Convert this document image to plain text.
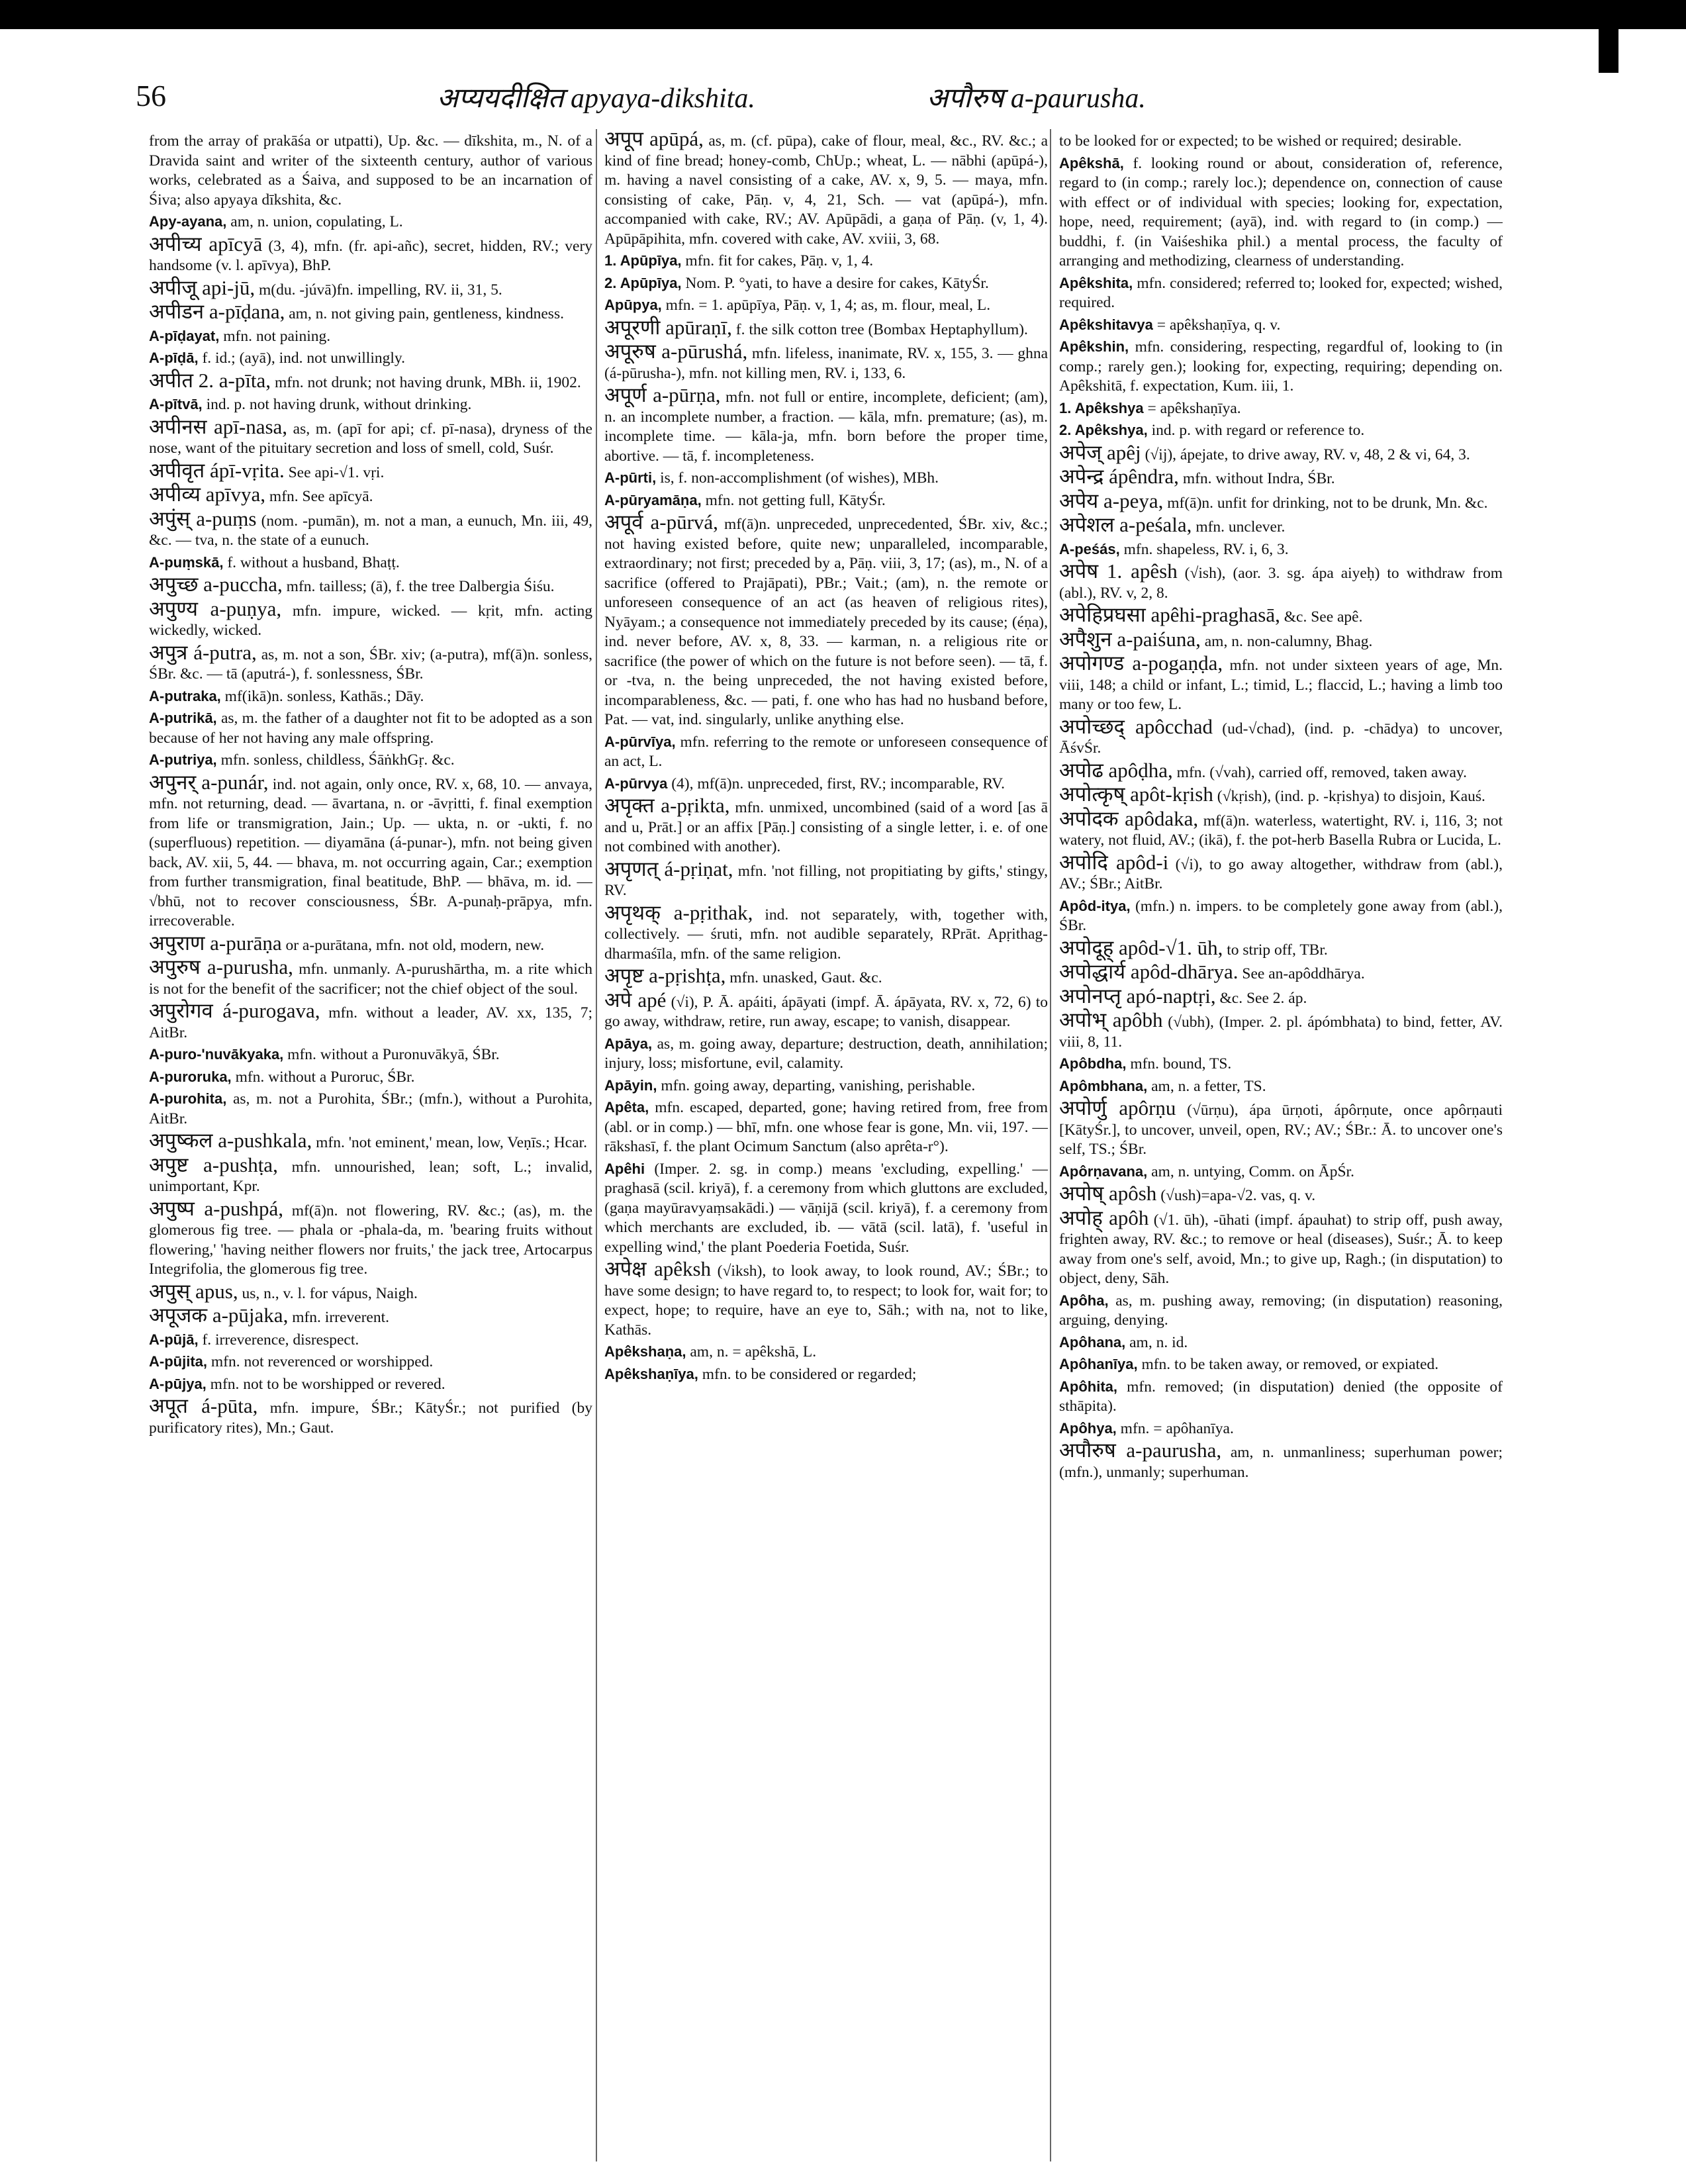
56	अप्ययदीक्षित apyaya-dikshita.	अपौरुष a-paurusha.

from the array of prakāśa or utpatti), Up. &c. — dīkshita, m., N. of a Dravida saint and writer of the sixteenth century, author of various works, celebrated as a Śaiva, and supposed to be an incarnation of Śiva; also apyaya dīkshita, &c.

Apy-ayana, am, n. union, copulating, L.

अपीच्य apīcyā (3, 4), mfn. (fr. api-añc), secret, hidden, RV.; very handsome (v. l. apīvya), BhP.

अपीजू api-jū, m(du. -júvā)fn. impelling, RV. ii, 31, 5.

अपीडन a-pīḍana, am, n. not giving pain, gentleness, kindness.

A-pīḍayat, mfn. not paining.

A-pīḍā, f. id.; (ayā), ind. not unwillingly.

अपीत 2. a-pīta, mfn. not drunk; not having drunk, MBh. ii, 1902.

A-pītvā, ind. p. not having drunk, without drinking.

अपीनस apī-nasa, as, m. (apī for api; cf. pī-nasa), dryness of the nose, want of the pituitary secretion and loss of smell, cold, Suśr.

अपीवृत ápī-vṛita. See api-√1. vṛi.

अपीव्य apīvya, mfn. See apīcyā.

अपुंस् a-puṃs (nom. -pumān), m. not a man, a eunuch, Mn. iii, 49, &c. — tva, n. the state of a eunuch.

A-puṃskā, f. without a husband, Bhaṭṭ.

अपुच्छ a-puccha, mfn. tailless; (ā), f. the tree Dalbergia Śiśu.

अपुण्य a-puṇya, mfn. impure, wicked. — kṛit, mfn. acting wickedly, wicked.

अपुत्र á-putra, as, m. not a son, ŚBr. xiv; (a-putra), mf(ā)n. sonless, ŚBr. &c. — tā (aputrá-), f. sonlessness, ŚBr.

A-putraka, mf(ikā)n. sonless, Kathās.; Dāy.

A-putrikā, as, m. the father of a daughter not fit to be adopted as a son because of her not having any male offspring.

A-putriya, mfn. sonless, childless, ŚāṅkhGṛ. &c.

अपुनर् a-punár, ind. not again, only once, RV. x, 68, 10. — anvaya, mfn. not returning, dead. — āvartana, n. or -āvṛitti, f. final exemption from life or transmigration, Jain.; Up. — ukta, n. or -ukti, f. no (superfluous) repetition. — diyamāna (á-punar-), mfn. not being given back, AV. xii, 5, 44. — bhava, m. not occurring again, Car.; exemption from further transmigration, final beatitude, BhP. — bhāva, m. id. — √bhū, not to recover consciousness, ŚBr. A-punaḥ-prāpya, mfn. irrecoverable.

अपुराण a-purāṇa or a-purātana, mfn. not old, modern, new.

अपुरुष a-purusha, mfn. unmanly. A-purushārtha, m. a rite which is not for the benefit of the sacrificer; not the chief object of the soul.

अपुरोगव á-purogava, mfn. without a leader, AV. xx, 135, 7; AitBr.

A-puro-'nuvākyaka, mfn. without a Puronuvākyā, ŚBr.

A-puroruka, mfn. without a Puroruc, ŚBr.

A-purohita, as, m. not a Purohita, ŚBr.; (mfn.), without a Purohita, AitBr.

अपुष्कल a-pushkala, mfn. 'not eminent,' mean, low, Veṇīs.; Hcar.

अपुष्ट a-pushṭa, mfn. unnourished, lean; soft, L.; invalid, unimportant, Kpr.

अपुष्प a-pushpá, mf(ā)n. not flowering, RV. &c.; (as), m. the glomerous fig tree. — phala or -phala-da, m. 'bearing fruits without flowering,' 'having neither flowers nor fruits,' the jack tree, Artocarpus Integrifolia, the glomerous fig tree.

अपुस् apus, us, n., v. l. for vápus, Naigh.

अपूजक a-pūjaka, mfn. irreverent.

A-pūjā, f. irreverence, disrespect.

A-pūjita, mfn. not reverenced or worshipped.

A-pūjya, mfn. not to be worshipped or revered.

अपूत á-pūta, mfn. impure, ŚBr.; KātyŚr.; not purified (by purificatory rites), Mn.; Gaut.

अपूप apūpá, as, m. (cf. pūpa), cake of flour, meal, &c., RV. &c.; a kind of fine bread; honey-comb, ChUp.; wheat, L. — nābhi (apūpá-), m. having a navel consisting of a cake, AV. x, 9, 5. — maya, mfn. consisting of cake, Pāṇ. v, 4, 21, Sch. — vat (apūpá-), mfn. accompanied with cake, RV.; AV. Apūpādi, a gaṇa of Pāṇ. (v, 1, 4). Apūpāpihita, mfn. covered with cake, AV. xviii, 3, 68.

1. Apūpīya, mfn. fit for cakes, Pāṇ. v, 1, 4.

2. Apūpīya, Nom. P. °yati, to have a desire for cakes, KātyŚr.

Apūpya, mfn. = 1. apūpīya, Pāṇ. v, 1, 4; as, m. flour, meal, L.

अपूरणी apūraṇī, f. the silk cotton tree (Bombax Heptaphyllum).

अपूरुष a-pūrushá, mfn. lifeless, inanimate, RV. x, 155, 3. — ghna (á-pūrusha-), mfn. not killing men, RV. i, 133, 6.

अपूर्ण a-pūrṇa, mfn. not full or entire, incomplete, deficient; (am), n. an incomplete number, a fraction. — kāla, mfn. premature; (as), m. incomplete time. — kāla-ja, mfn. born before the proper time, abortive. — tā, f. incompleteness.

A-pūrti, is, f. non-accomplishment (of wishes), MBh.

A-pūryamāṇa, mfn. not getting full, KātyŚr.

अपूर्व a-pūrvá, mf(ā)n. unpreceded, unprecedented, ŚBr. xiv, &c.; not having existed before, quite new; unparalleled, incomparable, extraordinary; not first; preceded by a, Pāṇ. viii, 3, 17; (as), m., N. of a sacrifice (offered to Prajāpati), PBr.; Vait.; (am), n. the remote or unforeseen consequence of an act (as heaven of religious rites), Nyāyam.; a consequence not immediately preceded by its cause; (éṇa), ind. never before, AV. x, 8, 33. — karman, n. a religious rite or sacrifice (the power of which on the future is not before seen). — tā, f. or -tva, n. the being unpreceded, the not having existed before, incomparableness, &c. — pati, f. one who has had no husband before, Pat. — vat, ind. singularly, unlike anything else.

A-pūrvīya, mfn. referring to the remote or unforeseen consequence of an act, L.

A-pūrvya (4), mf(ā)n. unpreceded, first, RV.; incomparable, RV.

अपृक्त a-pṛikta, mfn. unmixed, uncombined (said of a word [as ā and u, Prāt.] or an affix [Pāṇ.] consisting of a single letter, i. e. of one not combined with another).

अपृणत् á-pṛiṇat, mfn. 'not filling, not propitiating by gifts,' stingy, RV.

अपृथक् a-pṛithak, ind. not separately, with, together with, collectively. — śruti, mfn. not audible separately, RPrāt. Apṛithag-dharmaśīla, mfn. of the same religion.

अपृष्ट a-pṛishṭa, mfn. unasked, Gaut. &c.

अपे apé (√i), P. Ā. apáiti, ápāyati (impf. Ā. ápāyata, RV. x, 72, 6) to go away, withdraw, retire, run away, escape; to vanish, disappear.

Apāya, as, m. going away, departure; destruction, death, annihilation; injury, loss; misfortune, evil, calamity.

Apāyin, mfn. going away, departing, vanishing, perishable.

Apêta, mfn. escaped, departed, gone; having retired from, free from (abl. or in comp.) — bhī, mfn. one whose fear is gone, Mn. vii, 197. — rākshasī, f. the plant Ocimum Sanctum (also aprêta-r°).

Apêhi (Imper. 2. sg. in comp.) means 'excluding, expelling.' — praghasā (scil. kriyā), f. a ceremony from which gluttons are excluded, (gaṇa mayūravyaṃsakādi.) — vāṇijā (scil. kriyā), f. a ceremony from which merchants are excluded, ib. — vātā (scil. latā), f. 'useful in expelling wind,' the plant Poederia Foetida, Suśr.

अपेक्ष apêksh (√iksh), to look away, to look round, AV.; ŚBr.; to have some design; to have regard to, to respect; to look for, wait for; to expect, hope; to require, have an eye to, Sāh.; with na, not to like, Kathās.

Apêkshaṇa, am, n. = apêkshā, L.

Apêkshaṇīya, mfn. to be considered or regarded;

to be looked for or expected; to be wished or required; desirable.

Apêkshā, f. looking round or about, consideration of, reference, regard to (in comp.; rarely loc.); dependence on, connection of cause with effect or of individual with species; looking for, expectation, hope, need, requirement; (ayā), ind. with regard to (in comp.) — buddhi, f. (in Vaiśeshika phil.) a mental process, the faculty of arranging and methodizing, clearness of understanding.

Apêkshita, mfn. considered; referred to; looked for, expected; wished, required.

Apêkshitavya = apêkshaṇīya, q. v.

Apêkshin, mfn. considering, respecting, regardful of, looking to (in comp.; rarely gen.); looking for, expecting, requiring; depending on. Apêkshitā, f. expectation, Kum. iii, 1.

1. Apêkshya = apêkshaṇīya.

2. Apêkshya, ind. p. with regard or reference to.

अपेज् apêj (√ij), ápejate, to drive away, RV. v, 48, 2 & vi, 64, 3.

अपेन्द्र ápêndra, mfn. without Indra, ŚBr.

अपेय a-peya, mf(ā)n. unfit for drinking, not to be drunk, Mn. &c.

अपेशल a-peśala, mfn. unclever.

A-peśás, mfn. shapeless, RV. i, 6, 3.

अपेष 1. apêsh (√ish), (aor. 3. sg. ápa aiyeḥ) to withdraw from (abl.), RV. v, 2, 8.

अपेहिप्रघसा apêhi-praghasā, &c. See apê.

अपैशुन a-paiśuna, am, n. non-calumny, Bhag.

अपोगण्ड a-pogaṇḍa, mfn. not under sixteen years of age, Mn. viii, 148; a child or infant, L.; timid, L.; flaccid, L.; having a limb too many or too few, L.

अपोच्छद् apôcchad (ud-√chad), (ind. p. -chādya) to uncover, ĀśvŚr.

अपोढ apôḍha, mfn. (√vah), carried off, removed, taken away.

अपोत्कृष् apôt-kṛish (√kṛish), (ind. p. -kṛishya) to disjoin, Kauś.

अपोदक apôdaka, mf(ā)n. waterless, watertight, RV. i, 116, 3; not watery, not fluid, AV.; (ikā), f. the pot-herb Basella Rubra or Lucida, L.

अपोदि apôd-i (√i), to go away altogether, withdraw from (abl.), AV.; ŚBr.; AitBr.

Apôd-itya, (mfn.) n. impers. to be completely gone away from (abl.), ŚBr.

अपोदूह् apôd-√1. ūh, to strip off, TBr.

अपोद्धार्य apôd-dhārya. See an-apôddhārya.

अपोनप्तृ apó-naptṛi, &c. See 2. áp.

अपोभ् apôbh (√ubh), (Imper. 2. pl. ápómbhata) to bind, fetter, AV. viii, 8, 11.

Apôbdha, mfn. bound, TS.

Apômbhana, am, n. a fetter, TS.

अपोर्णु apôrṇu (√ūrṇu), ápa ūrṇoti, ápôrṇute, once apôrṇauti [KātyŚr.], to uncover, unveil, open, RV.; AV.; ŚBr.: Ā. to uncover one's self, TS.; ŚBr.

Apôrṇavana, am, n. untying, Comm. on ĀpŚr.

अपोष् apôsh (√ush)=apa-√2. vas, q. v.

अपोह् apôh (√1. ūh), -ūhati (impf. ápauhat) to strip off, push away, frighten away, RV. &c.; to remove or heal (diseases), Suśr.; Ā. to keep away from one's self, avoid, Mn.; to give up, Ragh.; (in disputation) to object, deny, Sāh.

Apôha, as, m. pushing away, removing; (in disputation) reasoning, arguing, denying.

Apôhana, am, n. id.

Apôhanīya, mfn. to be taken away, or removed, or expiated.

Apôhita, mfn. removed; (in disputation) denied (the opposite of sthāpita).

Apôhya, mfn. = apôhanīya.

अपौरुष a-paurusha, am, n. unmanliness; superhuman power; (mfn.), unmanly; superhuman.
